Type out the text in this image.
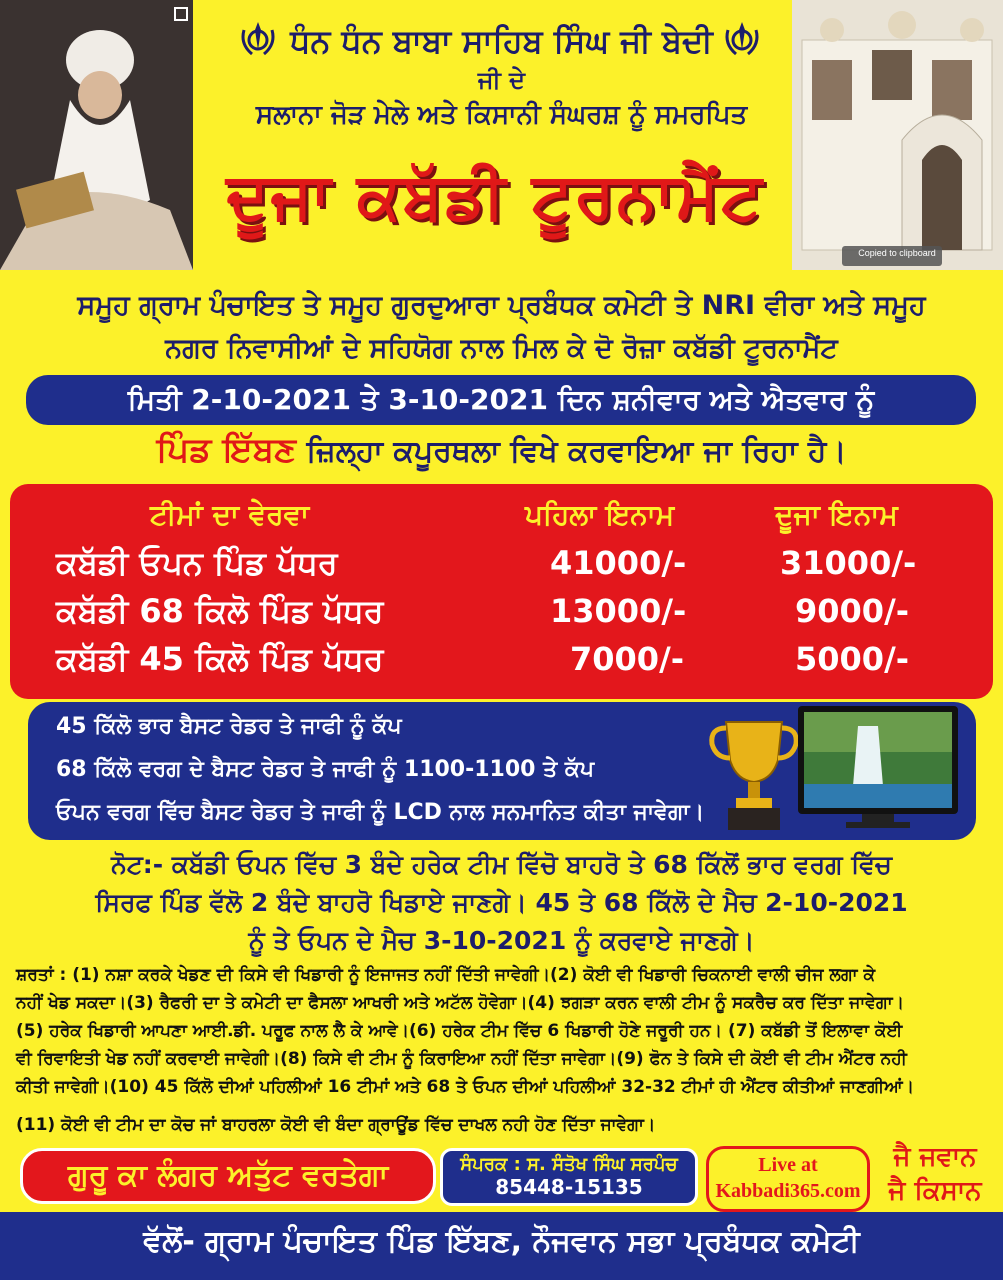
Copied to clipboard
ਧੰਨ ਧੰਨ ਬਾਬਾ ਸਾਹਿਬ ਸਿੰਘ ਜੀ ਬੇਦੀ
ਜੀ ਦੇ
ਸਲਾਨਾ ਜੋੜ ਮੇਲੇ ਅਤੇ ਕਿਸਾਨੀ ਸੰਘਰਸ਼ ਨੂੰ ਸਮਰਪਿਤ
ਦੂਜਾ ਕਬੱਡੀ ਟੂਰਨਾਮੈਂਟ
ਸਮੂਹ ਗ੍ਰਾਮ ਪੰਚਾਇਤ ਤੇ ਸਮੂਹ ਗੁਰਦੁਆਰਾ ਪ੍ਰਬੰਧਕ ਕਮੇਟੀ ਤੇ NRI ਵੀਰਾ ਅਤੇ ਸਮੂਹ
ਨਗਰ ਨਿਵਾਸੀਆਂ ਦੇ ਸਹਿਯੋਗ ਨਾਲ ਮਿਲ ਕੇ ਦੋ ਰੋਜ਼ਾ ਕਬੱਡੀ ਟੂਰਨਾਮੈਂਟ
ਮਿਤੀ 2-10-2021 ਤੇ 3-10-2021 ਦਿਨ ਸ਼ਨੀਵਾਰ ਅਤੇ ਐਤਵਾਰ ਨੂੰ
ਪਿੰਡ ਇੱਬਣ ਜ਼ਿਲ੍ਹਾ ਕਪੂਰਥਲਾ ਵਿਖੇ ਕਰਵਾਇਆ ਜਾ ਰਿਹਾ ਹੈ।
ਟੀਮਾਂ ਦਾ ਵੇਰਵਾ	ਪਹਿਲਾ ਇਨਾਮ	ਦੂਜਾ ਇਨਾਮ
ਕਬੱਡੀ ਓਪਨ ਪਿੰਡ ਪੱਧਰ	41000/-	31000/-
ਕਬੱਡੀ 68 ਕਿਲੋ ਪਿੰਡ ਪੱਧਰ	13000/-	9000/-
ਕਬੱਡੀ 45 ਕਿਲੋ ਪਿੰਡ ਪੱਧਰ	7000/-	5000/-
45 ਕਿੱਲੋ ਭਾਰ ਬੈਸਟ ਰੇਡਰ ਤੇ ਜਾਫੀ ਨੂੰ ਕੱਪ
68 ਕਿੱਲੋ ਵਰਗ ਦੇ ਬੈਸਟ ਰੇਡਰ ਤੇ ਜਾਫੀ ਨੂੰ 1100-1100 ਤੇ ਕੱਪ
ਓਪਨ ਵਰਗ ਵਿੱਚ ਬੈਸਟ ਰੇਡਰ ਤੇ ਜਾਫੀ ਨੂੰ LCD ਨਾਲ ਸਨਮਾਨਿਤ ਕੀਤਾ ਜਾਵੇਗਾ।
ਨੋਟ:- ਕਬੱਡੀ ਓਪਨ ਵਿੱਚ 3 ਬੰਦੇ ਹਰੇਕ ਟੀਮ ਵਿੱਚੋ ਬਾਹਰੋ ਤੇ 68 ਕਿੱਲੋਂ ਭਾਰ ਵਰਗ ਵਿੱਚ
ਸਿਰਫ ਪਿੰਡ ਵੱਲੋ 2 ਬੰਦੇ ਬਾਹਰੋ ਖਿਡਾਏ ਜਾਣਗੇ। 45 ਤੇ 68 ਕਿੱਲੋ ਦੇ ਮੈਚ 2-10-2021
ਨੂੰ ਤੇ ਓਪਨ ਦੇ ਮੈਚ 3-10-2021 ਨੂੰ ਕਰਵਾਏ ਜਾਣਗੇ।
ਸ਼ਰਤਾਂ : (1) ਨਸ਼ਾ ਕਰਕੇ ਖੇਡਣ ਦੀ ਕਿਸੇ ਵੀ ਖਿਡਾਰੀ ਨੂੰ ਇਜਾਜਤ ਨਹੀਂ ਦਿੱਤੀ ਜਾਵੇਗੀ।(2) ਕੋਈ ਵੀ ਖਿਡਾਰੀ ਚਿਕਨਾਈ ਵਾਲੀ ਚੀਜ ਲਗਾ ਕੇ
ਨਹੀਂ ਖੇਡ ਸਕਦਾ।(3) ਰੈਫਰੀ ਦਾ ਤੇ ਕਮੇਟੀ ਦਾ ਫੈਸਲਾ ਆਖਰੀ ਅਤੇ ਅਟੱਲ ਹੋਵੇਗਾ।(4) ਝਗੜਾ ਕਰਨ ਵਾਲੀ ਟੀਮ ਨੂੰ ਸਕਰੈਚ ਕਰ ਦਿੱਤਾ ਜਾਵੇਗਾ।
(5) ਹਰੇਕ ਖਿਡਾਰੀ ਆਪਣਾ ਆਈ.ਡੀ. ਪਰੂਫ ਨਾਲ ਲੈ ਕੇ ਆਵੇ।(6) ਹਰੇਕ ਟੀਮ ਵਿੱਚ 6 ਖਿਡਾਰੀ ਹੋਣੇ ਜਰੂਰੀ ਹਨ। (7) ਕਬੱਡੀ ਤੋਂ ਇਲਾਵਾ ਕੋਈ
ਵੀ ਰਿਵਾਇਤੀ ਖੇਡ ਨਹੀਂ ਕਰਵਾਈ ਜਾਵੇਗੀ।(8) ਕਿਸੇ ਵੀ ਟੀਮ ਨੂੰ ਕਿਰਾਇਆ ਨਹੀਂ ਦਿੱਤਾ ਜਾਵੇਗਾ।(9) ਫੋਨ ਤੇ ਕਿਸੇ ਦੀ ਕੋਈ ਵੀ ਟੀਮ ਐਂਟਰ ਨਹੀ
ਕੀਤੀ ਜਾਵੇਗੀ।(10) 45 ਕਿੱਲੋ ਦੀਆਂ ਪਹਿਲੀਆਂ 16 ਟੀਮਾਂ ਅਤੇ 68 ਤੇ ਓਪਨ ਦੀਆਂ ਪਹਿਲੀਆਂ 32-32 ਟੀਮਾਂ ਹੀ ਐਂਟਰ ਕੀਤੀਆਂ ਜਾਣਗੀਆਂ।
(11) ਕੋਈ ਵੀ ਟੀਮ ਦਾ ਕੋਚ ਜਾਂ ਬਾਹਰਲਾ ਕੋਈ ਵੀ ਬੰਦਾ ਗ੍ਰਾਊਂਡ ਵਿੱਚ ਦਾਖਲ ਨਹੀ ਹੋਣ ਦਿੱਤਾ ਜਾਵੇਗਾ।
ਗੁਰੂ ਕਾ ਲੰਗਰ ਅਤੁੱਟ ਵਰਤੇਗਾ	ਸੰਪਰਕ : ਸ. ਸੰਤੋਖ ਸਿੰਘ ਸਰਪੰਚ
85448-15135
Live at
Kabbadi365.com
ਜੈ ਜਵਾਨ
ਜੈ ਕਿਸਾਨ
ਵੱਲੋਂ- ਗ੍ਰਾਮ ਪੰਚਾਇਤ ਪਿੰਡ ਇੱਬਣ, ਨੌਜਵਾਨ ਸਭਾ ਪ੍ਰਬੰਧਕ ਕਮੇਟੀ
